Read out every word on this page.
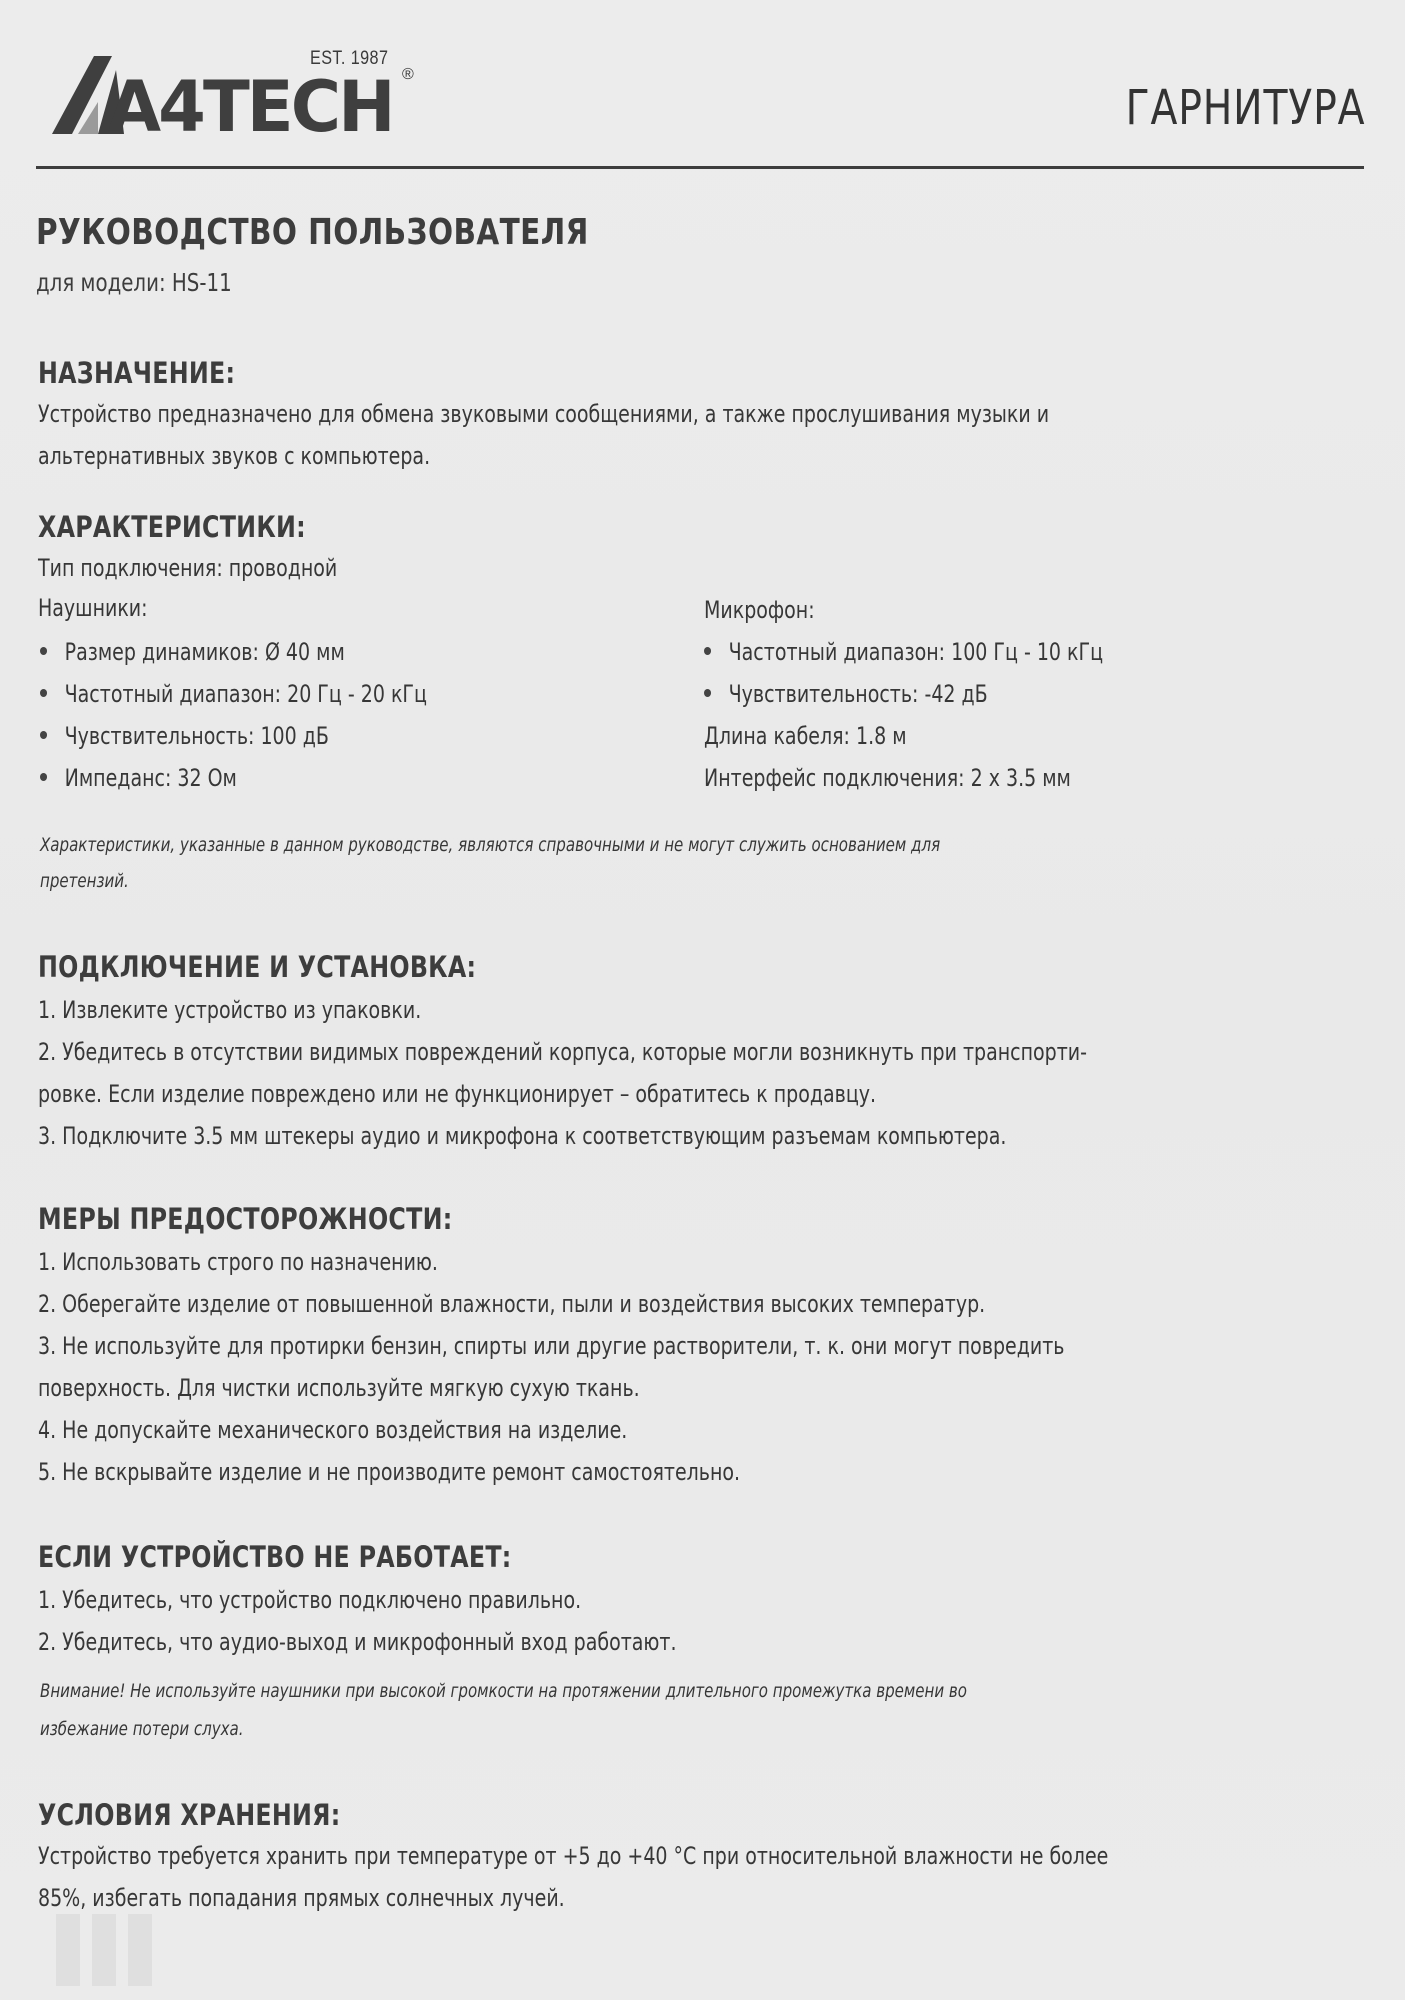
A4TECH
EST. 1987
®
ГАРНИТУРА
РУКОВОДСТВО ПОЛЬЗОВАТЕЛЯ
для модели: HS-11
НАЗНАЧЕНИЕ:
Устройство предназначено для обмена звуковыми сообщениями, а также прослушивания музыки и
альтернативных звуков с компьютера.
ХАРАКТЕРИСТИКИ:
Тип подключения: проводной
Наушники:
Размер динамиков: Ø 40 мм
Частотный диапазон: 20 Гц - 20 кГц
Чувствительность: 100 дБ
Импеданс: 32 Ом
Микрофон:
Частотный диапазон: 100 Гц - 10 кГц
Чувствительность: -42 дБ
Длина кабеля: 1.8 м
Интерфейс подключения: 2 х 3.5 мм
Характеристики, указанные в данном руководстве, являются справочными и не могут служить основанием для
претензий.
ПОДКЛЮЧЕНИЕ И УСТАНОВКА:
1. Извлеките устройство из упаковки.
2. Убедитесь в отсутствии видимых повреждений корпуса, которые могли возникнуть при транспорти-
ровке. Если изделие повреждено или не функционирует – обратитесь к продавцу.
3. Подключите 3.5 мм штекеры аудио и микрофона к соответствующим разъемам компьютера.
МЕРЫ ПРЕДОСТОРОЖНОСТИ:
1. Использовать строго по назначению.
2. Оберегайте изделие от повышенной влажности, пыли и воздействия высоких температур.
3. Не используйте для протирки бензин, спирты или другие растворители, т. к. они могут повредить
поверхность. Для чистки используйте мягкую сухую ткань.
4. Не допускайте механического воздействия на изделие.
5. Не вскрывайте изделие и не производите ремонт самостоятельно.
ЕСЛИ УСТРОЙСТВО НЕ РАБОТАЕТ:
1. Убедитесь, что устройство подключено правильно.
2. Убедитесь, что аудио-выход и микрофонный вход работают.
Внимание! Не используйте наушники при высокой громкости на протяжении длительного промежутка времени во
избежание потери слуха.
УСЛОВИЯ ХРАНЕНИЯ:
Устройство требуется хранить при температуре от +5 до +40 °С при относительной влажности не более
85%, избегать попадания прямых солнечных лучей.
